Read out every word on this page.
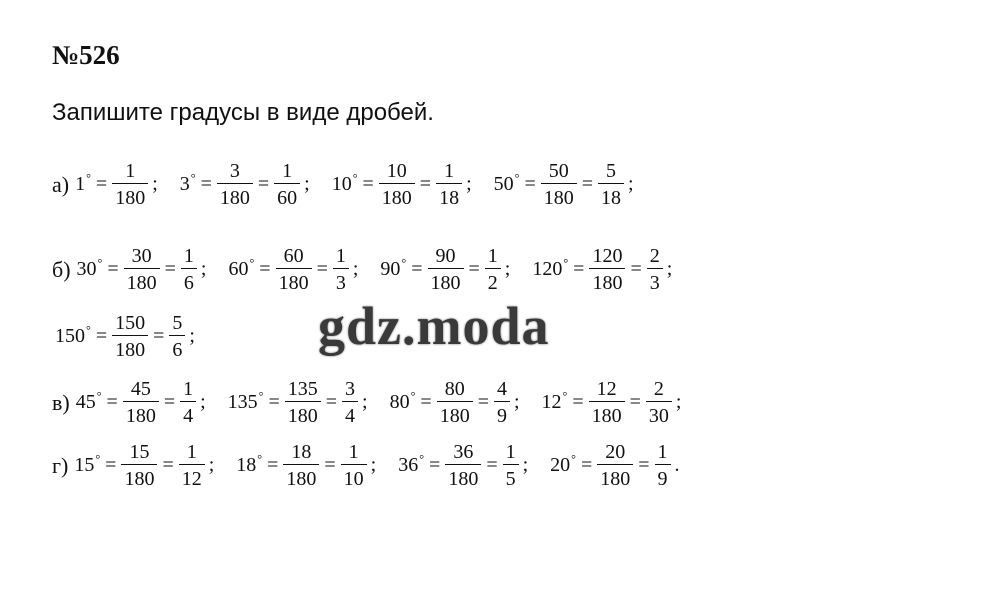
№526
Запишите градусы в виде дробей.
а) $1^\circ = \frac{1}{180}$ ; $3^\circ = \frac{3}{180} = \frac{1}{60}$ ; $10^\circ = \frac{10}{180} = \frac{1}{18}$ ; $50^\circ = \frac{50}{180} = \frac{5}{18}$ ;
б) $30^\circ = \frac{30}{180} = \frac{1}{6}$ ; $60^\circ = \frac{60}{180} = \frac{1}{3}$ ; $90^\circ = \frac{90}{180} = \frac{1}{2}$ ; $120^\circ = \frac{120}{180} = \frac{2}{3}$ ;
$150^\circ = \frac{150}{180} = \frac{5}{6}$ ;
в) $45^\circ = \frac{45}{180} = \frac{1}{4}$ ; $135^\circ = \frac{135}{180} = \frac{3}{4}$ ; $80^\circ = \frac{80}{180} = \frac{4}{9}$ ; $12^\circ = \frac{12}{180} = \frac{2}{30}$ ;
г) $15^\circ = \frac{15}{180} = \frac{1}{12}$ ; $18^\circ = \frac{18}{180} = \frac{1}{10}$ ; $36^\circ = \frac{36}{180} = \frac{1}{5}$ ; $20^\circ = \frac{20}{180} = \frac{1}{9}$ .
gdz.moda
